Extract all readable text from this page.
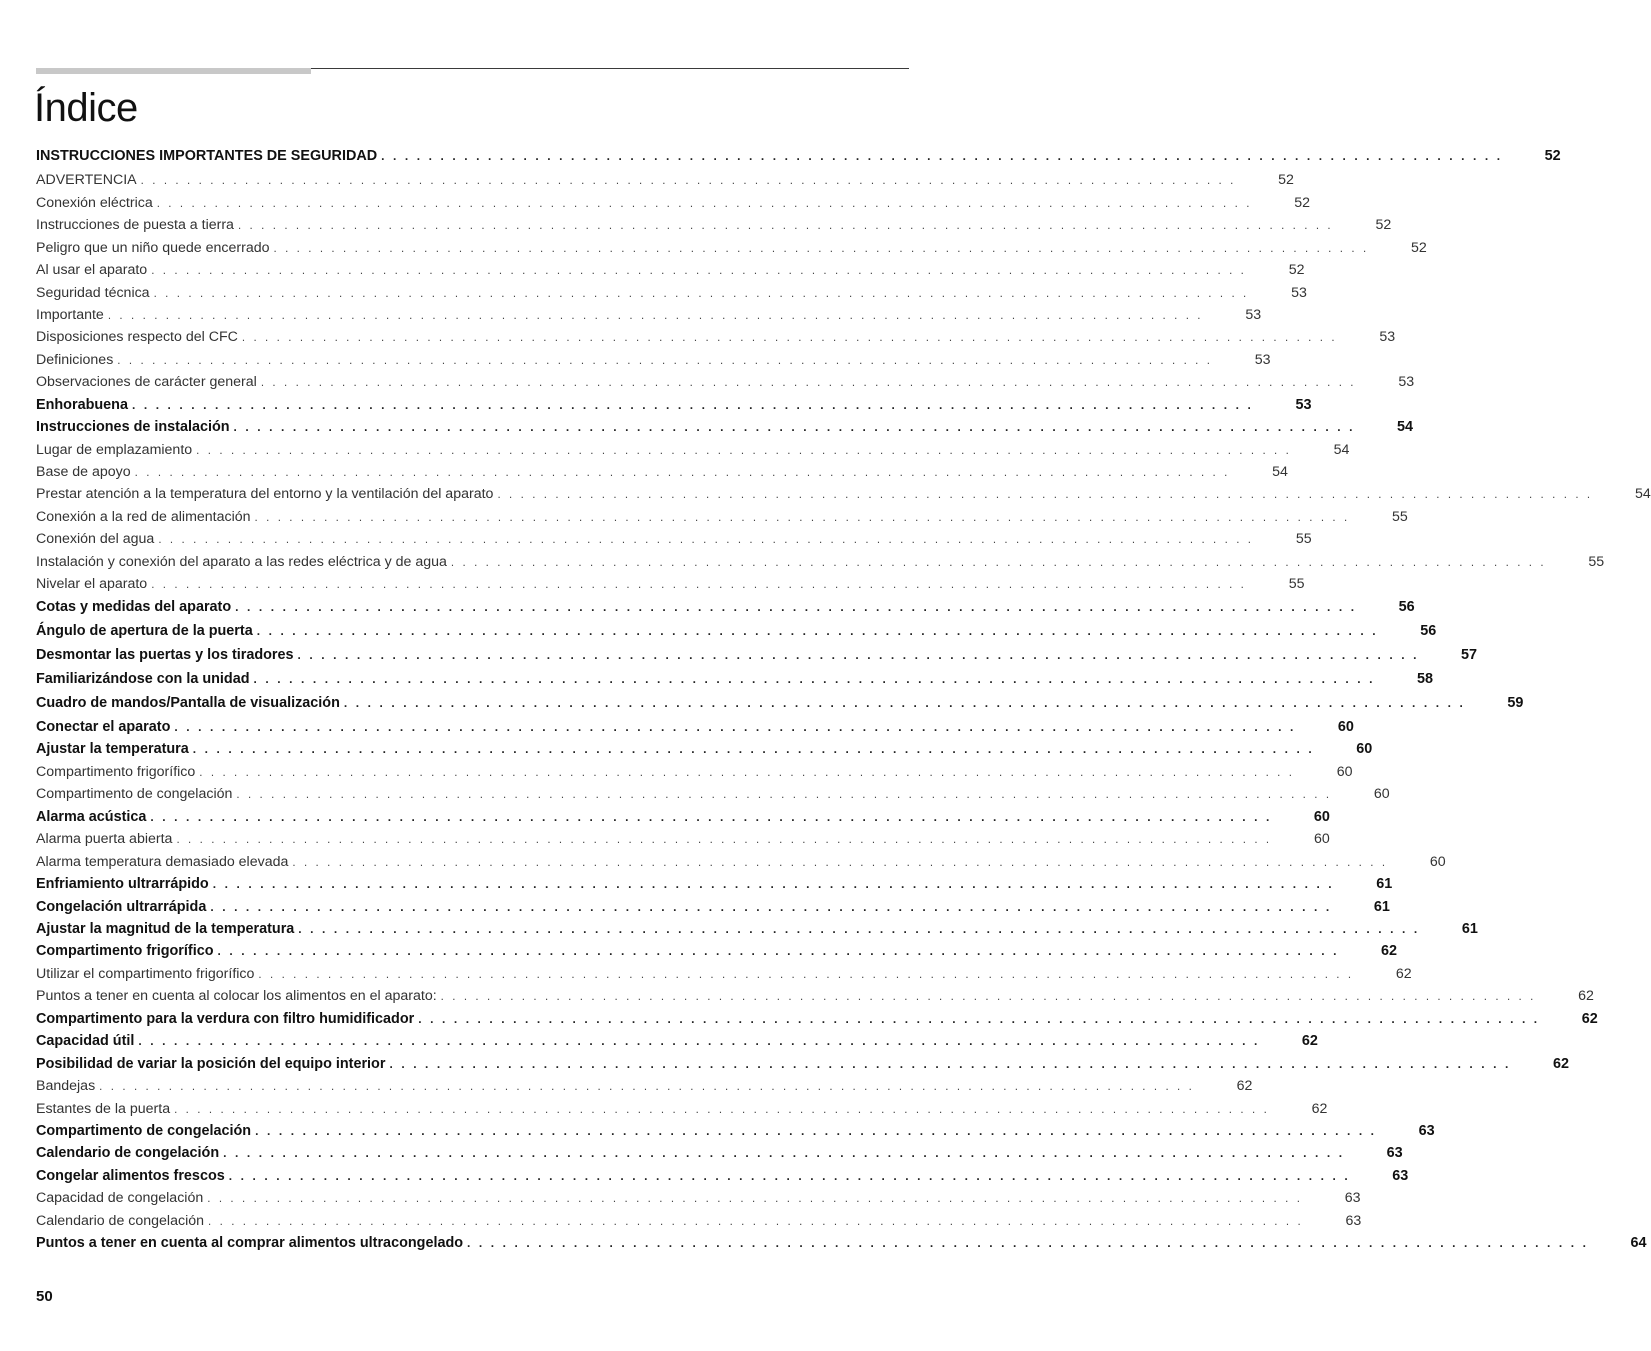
Índice
INSTRUCCIONES IMPORTANTES DE SEGURIDAD . . . . . . . . . . . . . . . . . . . . . . . . . . . . . . . . . . . . . . . . . . . . . . . . . . . . . . . . . . . . . . . . . . . . . . . . . . . . . . . . . . . . . . . . . . . . . . .	52
ADVERTENCIA . . . . . . . . . . . . . . . . . . . . . . . . . . . . . . . . . . . . . . . . . . . . . . . . . . . . . . . . . . . . . . . . . . . . . . . . . . . . . . . . . . . . . . . . . . . . . . .	52
Conexión eléctrica . . . . . . . . . . . . . . . . . . . . . . . . . . . . . . . . . . . . . . . . . . . . . . . . . . . . . . . . . . . . . . . . . . . . . . . . . . . . . . . . . . . . . . . . . . . . . . .	52
Instrucciones de puesta a tierra . . . . . . . . . . . . . . . . . . . . . . . . . . . . . . . . . . . . . . . . . . . . . . . . . . . . . . . . . . . . . . . . . . . . . . . . . . . . . . . . . . . . . . . . . . . . . . .	52
Peligro que un niño quede encerrado . . . . . . . . . . . . . . . . . . . . . . . . . . . . . . . . . . . . . . . . . . . . . . . . . . . . . . . . . . . . . . . . . . . . . . . . . . . . . . . . . . . . . . . . . . . . . . .	52
Al usar el aparato . . . . . . . . . . . . . . . . . . . . . . . . . . . . . . . . . . . . . . . . . . . . . . . . . . . . . . . . . . . . . . . . . . . . . . . . . . . . . . . . . . . . . . . . . . . . . . .	52
Seguridad técnica . . . . . . . . . . . . . . . . . . . . . . . . . . . . . . . . . . . . . . . . . . . . . . . . . . . . . . . . . . . . . . . . . . . . . . . . . . . . . . . . . . . . . . . . . . . . . . .	53
Importante . . . . . . . . . . . . . . . . . . . . . . . . . . . . . . . . . . . . . . . . . . . . . . . . . . . . . . . . . . . . . . . . . . . . . . . . . . . . . . . . . . . . . . . . . . . . . . .	53
Disposiciones respecto del CFC . . . . . . . . . . . . . . . . . . . . . . . . . . . . . . . . . . . . . . . . . . . . . . . . . . . . . . . . . . . . . . . . . . . . . . . . . . . . . . . . . . . . . . . . . . . . . . .	53
Definiciones . . . . . . . . . . . . . . . . . . . . . . . . . . . . . . . . . . . . . . . . . . . . . . . . . . . . . . . . . . . . . . . . . . . . . . . . . . . . . . . . . . . . . . . . . . . . . . .	53
Observaciones de carácter general . . . . . . . . . . . . . . . . . . . . . . . . . . . . . . . . . . . . . . . . . . . . . . . . . . . . . . . . . . . . . . . . . . . . . . . . . . . . . . . . . . . . . . . . . . . . . . .	53
Enhorabuena . . . . . . . . . . . . . . . . . . . . . . . . . . . . . . . . . . . . . . . . . . . . . . . . . . . . . . . . . . . . . . . . . . . . . . . . . . . . . . . . . . . . . . . . . . . . . . .	53
Instrucciones de instalación . . . . . . . . . . . . . . . . . . . . . . . . . . . . . . . . . . . . . . . . . . . . . . . . . . . . . . . . . . . . . . . . . . . . . . . . . . . . . . . . . . . . . . . . . . . . . . .	54
Lugar de emplazamiento . . . . . . . . . . . . . . . . . . . . . . . . . . . . . . . . . . . . . . . . . . . . . . . . . . . . . . . . . . . . . . . . . . . . . . . . . . . . . . . . . . . . . . . . . . . . . . .	54
Base de apoyo . . . . . . . . . . . . . . . . . . . . . . . . . . . . . . . . . . . . . . . . . . . . . . . . . . . . . . . . . . . . . . . . . . . . . . . . . . . . . . . . . . . . . . . . . . . . . . .	54
Prestar atención a la temperatura del entorno y la ventilación del aparato . . . . . . . . . . . . . . . . . . . . . . . . . . . . . . . . . . . . . . . . . . . . . . . . . . . . . . . . . . . . . . . . . . . . . . . . . . . . . . . . . . . . . . . . . . . . . . .	54
Conexión a la red de alimentación . . . . . . . . . . . . . . . . . . . . . . . . . . . . . . . . . . . . . . . . . . . . . . . . . . . . . . . . . . . . . . . . . . . . . . . . . . . . . . . . . . . . . . . . . . . . . . .	55
Conexión del agua . . . . . . . . . . . . . . . . . . . . . . . . . . . . . . . . . . . . . . . . . . . . . . . . . . . . . . . . . . . . . . . . . . . . . . . . . . . . . . . . . . . . . . . . . . . . . . .	55
Instalación y conexión del aparato a las redes eléctrica y de agua . . . . . . . . . . . . . . . . . . . . . . . . . . . . . . . . . . . . . . . . . . . . . . . . . . . . . . . . . . . . . . . . . . . . . . . . . . . . . . . . . . . . . . . . . . . . . . .	55
Nivelar el aparato . . . . . . . . . . . . . . . . . . . . . . . . . . . . . . . . . . . . . . . . . . . . . . . . . . . . . . . . . . . . . . . . . . . . . . . . . . . . . . . . . . . . . . . . . . . . . . .	55
Cotas y medidas del aparato . . . . . . . . . . . . . . . . . . . . . . . . . . . . . . . . . . . . . . . . . . . . . . . . . . . . . . . . . . . . . . . . . . . . . . . . . . . . . . . . . . . . . . . . . . . . . . .	56
Ángulo de apertura de la puerta . . . . . . . . . . . . . . . . . . . . . . . . . . . . . . . . . . . . . . . . . . . . . . . . . . . . . . . . . . . . . . . . . . . . . . . . . . . . . . . . . . . . . . . . . . . . . . .	56
Desmontar las puertas y los tiradores . . . . . . . . . . . . . . . . . . . . . . . . . . . . . . . . . . . . . . . . . . . . . . . . . . . . . . . . . . . . . . . . . . . . . . . . . . . . . . . . . . . . . . . . . . . . . . .	57
Familiarizándose con la unidad . . . . . . . . . . . . . . . . . . . . . . . . . . . . . . . . . . . . . . . . . . . . . . . . . . . . . . . . . . . . . . . . . . . . . . . . . . . . . . . . . . . . . . . . . . . . . . .	58
Cuadro de mandos/Pantalla de visualización . . . . . . . . . . . . . . . . . . . . . . . . . . . . . . . . . . . . . . . . . . . . . . . . . . . . . . . . . . . . . . . . . . . . . . . . . . . . . . . . . . . . . . . . . . . . . . .	59
Conectar el aparato . . . . . . . . . . . . . . . . . . . . . . . . . . . . . . . . . . . . . . . . . . . . . . . . . . . . . . . . . . . . . . . . . . . . . . . . . . . . . . . . . . . . . . . . . . . . . . .	60
Ajustar la temperatura . . . . . . . . . . . . . . . . . . . . . . . . . . . . . . . . . . . . . . . . . . . . . . . . . . . . . . . . . . . . . . . . . . . . . . . . . . . . . . . . . . . . . . . . . . . . . . .	60
Compartimento frigorífico . . . . . . . . . . . . . . . . . . . . . . . . . . . . . . . . . . . . . . . . . . . . . . . . . . . . . . . . . . . . . . . . . . . . . . . . . . . . . . . . . . . . . . . . . . . . . . .	60
Compartimento de congelación . . . . . . . . . . . . . . . . . . . . . . . . . . . . . . . . . . . . . . . . . . . . . . . . . . . . . . . . . . . . . . . . . . . . . . . . . . . . . . . . . . . . . . . . . . . . . . .	60
Alarma acústica . . . . . . . . . . . . . . . . . . . . . . . . . . . . . . . . . . . . . . . . . . . . . . . . . . . . . . . . . . . . . . . . . . . . . . . . . . . . . . . . . . . . . . . . . . . . . . .	60
Alarma puerta abierta . . . . . . . . . . . . . . . . . . . . . . . . . . . . . . . . . . . . . . . . . . . . . . . . . . . . . . . . . . . . . . . . . . . . . . . . . . . . . . . . . . . . . . . . . . . . . . .	60
Alarma temperatura demasiado elevada . . . . . . . . . . . . . . . . . . . . . . . . . . . . . . . . . . . . . . . . . . . . . . . . . . . . . . . . . . . . . . . . . . . . . . . . . . . . . . . . . . . . . . . . . . . . . . .	60
Enfriamiento ultrarrápido . . . . . . . . . . . . . . . . . . . . . . . . . . . . . . . . . . . . . . . . . . . . . . . . . . . . . . . . . . . . . . . . . . . . . . . . . . . . . . . . . . . . . . . . . . . . . . .	61
Congelación ultrarrápida . . . . . . . . . . . . . . . . . . . . . . . . . . . . . . . . . . . . . . . . . . . . . . . . . . . . . . . . . . . . . . . . . . . . . . . . . . . . . . . . . . . . . . . . . . . . . . .	61
Ajustar la magnitud de la temperatura . . . . . . . . . . . . . . . . . . . . . . . . . . . . . . . . . . . . . . . . . . . . . . . . . . . . . . . . . . . . . . . . . . . . . . . . . . . . . . . . . . . . . . . . . . . . . . .	61
Compartimento frigorífico . . . . . . . . . . . . . . . . . . . . . . . . . . . . . . . . . . . . . . . . . . . . . . . . . . . . . . . . . . . . . . . . . . . . . . . . . . . . . . . . . . . . . . . . . . . . . . .	62
Utilizar el compartimento frigorífico . . . . . . . . . . . . . . . . . . . . . . . . . . . . . . . . . . . . . . . . . . . . . . . . . . . . . . . . . . . . . . . . . . . . . . . . . . . . . . . . . . . . . . . . . . . . . . .	62
Puntos a tener en cuenta al colocar los alimentos en el aparato: . . . . . . . . . . . . . . . . . . . . . . . . . . . . . . . . . . . . . . . . . . . . . . . . . . . . . . . . . . . . . . . . . . . . . . . . . . . . . . . . . . . . . . . . . . . . . . .	62
Compartimento para la verdura con filtro humidificador . . . . . . . . . . . . . . . . . . . . . . . . . . . . . . . . . . . . . . . . . . . . . . . . . . . . . . . . . . . . . . . . . . . . . . . . . . . . . . . . . . . . . . . . . . . . . . .	62
Capacidad útil . . . . . . . . . . . . . . . . . . . . . . . . . . . . . . . . . . . . . . . . . . . . . . . . . . . . . . . . . . . . . . . . . . . . . . . . . . . . . . . . . . . . . . . . . . . . . . .	62
Posibilidad de variar la posición del equipo interior . . . . . . . . . . . . . . . . . . . . . . . . . . . . . . . . . . . . . . . . . . . . . . . . . . . . . . . . . . . . . . . . . . . . . . . . . . . . . . . . . . . . . . . . . . . . . . .	62
Bandejas . . . . . . . . . . . . . . . . . . . . . . . . . . . . . . . . . . . . . . . . . . . . . . . . . . . . . . . . . . . . . . . . . . . . . . . . . . . . . . . . . . . . . . . . . . . . . . .	62
Estantes de la puerta . . . . . . . . . . . . . . . . . . . . . . . . . . . . . . . . . . . . . . . . . . . . . . . . . . . . . . . . . . . . . . . . . . . . . . . . . . . . . . . . . . . . . . . . . . . . . . .	62
Compartimento de congelación . . . . . . . . . . . . . . . . . . . . . . . . . . . . . . . . . . . . . . . . . . . . . . . . . . . . . . . . . . . . . . . . . . . . . . . . . . . . . . . . . . . . . . . . . . . . . . .	63
Calendario de congelación . . . . . . . . . . . . . . . . . . . . . . . . . . . . . . . . . . . . . . . . . . . . . . . . . . . . . . . . . . . . . . . . . . . . . . . . . . . . . . . . . . . . . . . . . . . . . . .	63
Congelar alimentos frescos . . . . . . . . . . . . . . . . . . . . . . . . . . . . . . . . . . . . . . . . . . . . . . . . . . . . . . . . . . . . . . . . . . . . . . . . . . . . . . . . . . . . . . . . . . . . . . .	63
Capacidad de congelación . . . . . . . . . . . . . . . . . . . . . . . . . . . . . . . . . . . . . . . . . . . . . . . . . . . . . . . . . . . . . . . . . . . . . . . . . . . . . . . . . . . . . . . . . . . . . . .	63
Calendario de congelación . . . . . . . . . . . . . . . . . . . . . . . . . . . . . . . . . . . . . . . . . . . . . . . . . . . . . . . . . . . . . . . . . . . . . . . . . . . . . . . . . . . . . . . . . . . . . . .	63
Puntos a tener en cuenta al comprar alimentos ultracongelado . . . . . . . . . . . . . . . . . . . . . . . . . . . . . . . . . . . . . . . . . . . . . . . . . . . . . . . . . . . . . . . . . . . . . . . . . . . . . . . . . . . . . . . . . . . . . . .	64
50
